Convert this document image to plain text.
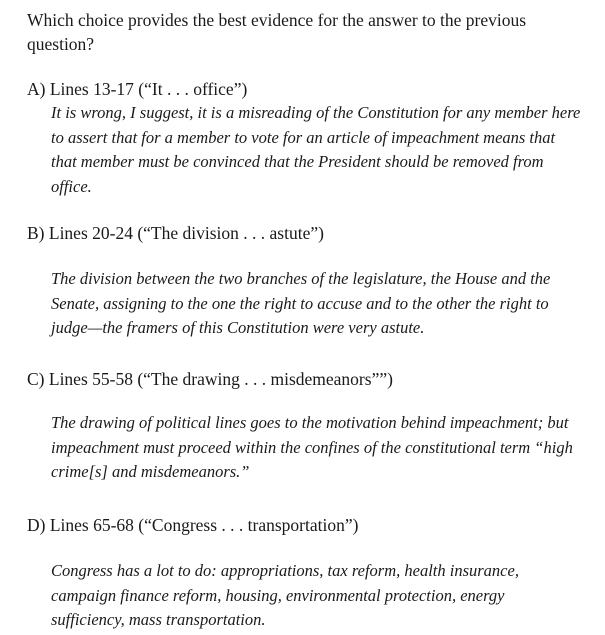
Which choice provides the best evidence for the answer to the previous question?

A) Lines 13-17 (“It . . . office”)

It is wrong, I suggest, it is a misreading of the Constitution for any member here to assert that for a member to vote for an article of impeachment means that that member must be convinced that the President should be removed from office.

B) Lines 20-24 (“The division . . . astute”)

The division between the two branches of the legislature, the House and the Senate, assigning to the one the right to accuse and to the other the right to judge—the framers of this Constitution were very astute.

C) Lines 55-58 (“The drawing . . . misdemeanors””)

The drawing of political lines goes to the motivation behind impeachment; but impeachment must proceed within the confines of the constitutional term “high crime[s] and misdemeanors.”

D) Lines 65-68 (“Congress . . . transportation”)

Congress has a lot to do: appropriations, tax reform, health insurance, campaign finance reform, housing, environmental protection, energy sufficiency, mass transportation.
